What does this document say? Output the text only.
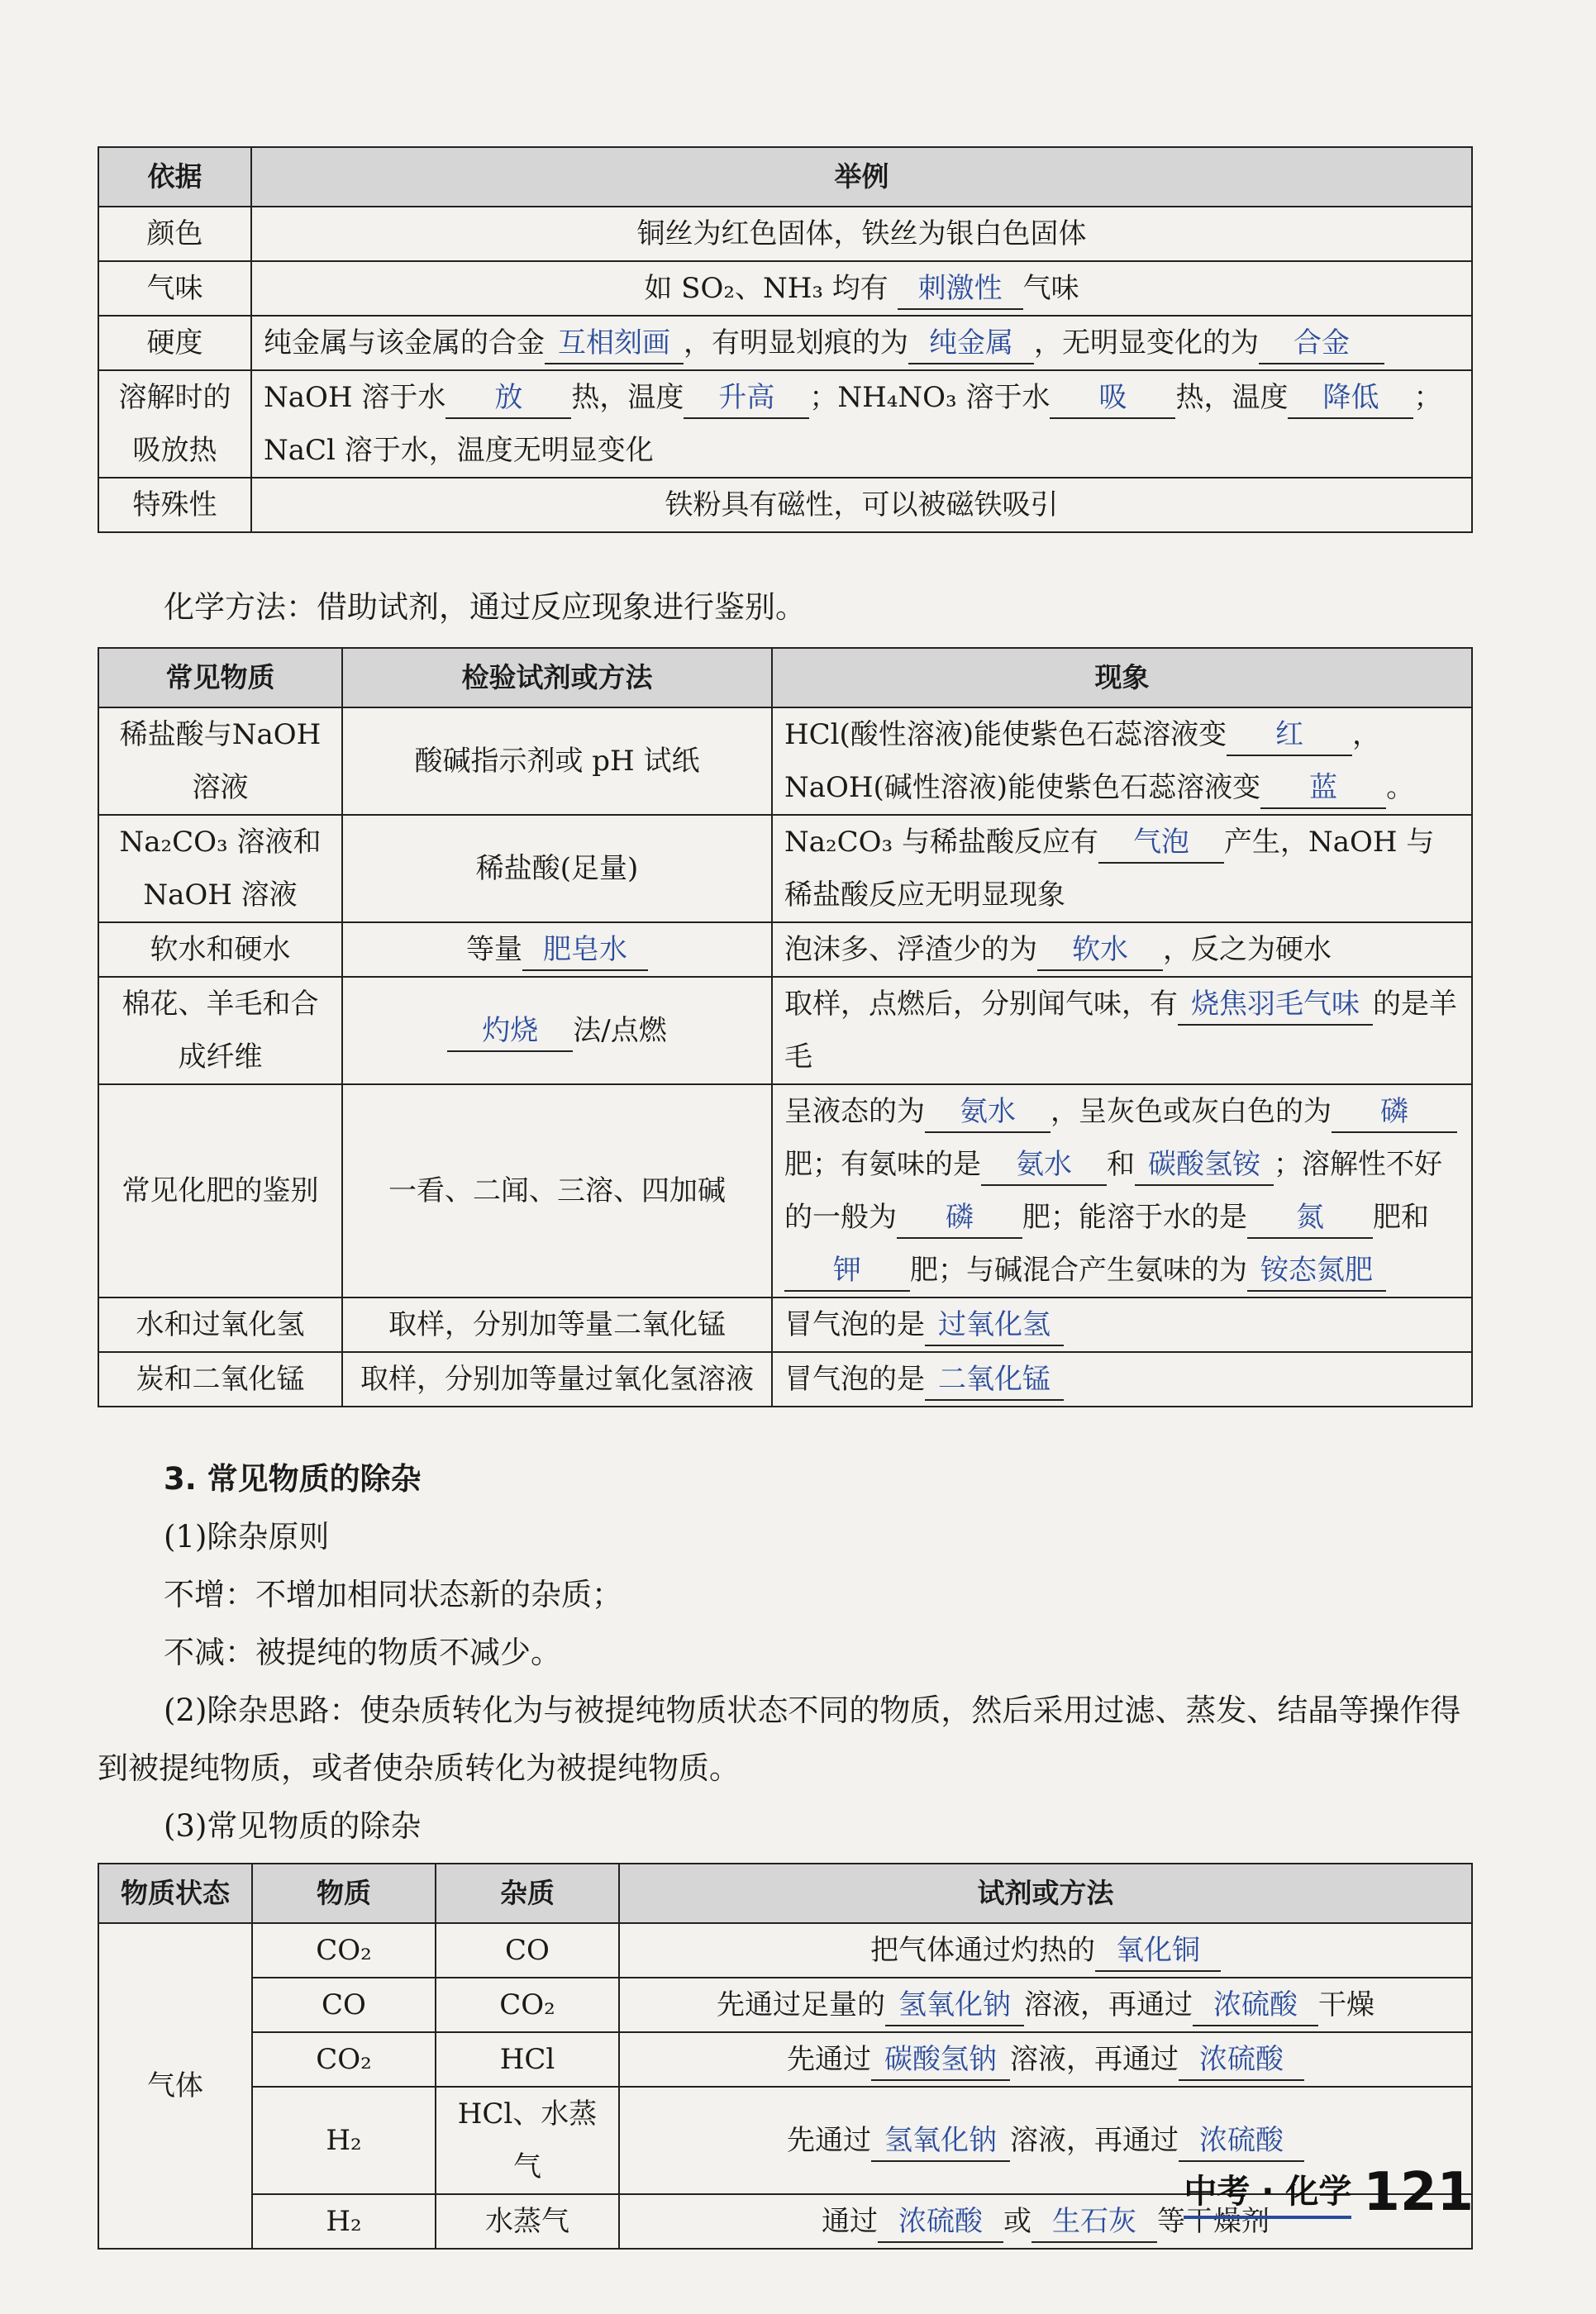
依据	举例
颜色	铜丝为红色固体，铁丝为银白色固体
气味	如 SO₂、NH₃ 均有 刺激性 气味
硬度	纯金属与该金属的合金 互相刻画 ，有明显划痕的为 纯金属 ，无明显变化的为 合金
溶解时的吸放热	NaOH 溶于水 放 热，温度 升高 ；NH₄NO₃ 溶于水 吸 热，温度 降低 ；NaCl 溶于水，温度无明显变化
特殊性	铁粉具有磁性，可以被磁铁吸引
化学方法：借助试剂，通过反应现象进行鉴别。
常见物质	检验试剂或方法	现象
稀盐酸与NaOH 溶液	酸碱指示剂或 pH 试纸	HCl(酸性溶液)能使紫色石蕊溶液变 红 ，NaOH(碱性溶液)能使紫色石蕊溶液变 蓝 。
Na₂CO₃ 溶液和NaOH 溶液	稀盐酸(足量)	Na₂CO₃ 与稀盐酸反应有 气泡 产生，NaOH 与稀盐酸反应无明显现象
软水和硬水	等量 肥皂水	泡沫多、浮渣少的为 软水 ，反之为硬水
棉花、羊毛和合成纤维	灼烧 法/点燃	取样，点燃后，分别闻气味，有 烧焦羽毛气味 的是羊毛
常见化肥的鉴别	一看、二闻、三溶、四加碱	呈液态的为 氨水 ，呈灰色或灰白色的为 磷肥；有氨味的是 氨水 和 碳酸氢铵 ；溶解性不好的一般为 磷 肥；能溶于水的是 氮 肥和钾 肥；与碱混合产生氨味的为 铵态氮肥
水和过氧化氢	取样，分别加等量二氧化锰	冒气泡的是 过氧化氢
炭和二氧化锰	取样，分别加等量过氧化氢溶液	冒气泡的是 二氧化锰
3. 常见物质的除杂
(1)除杂原则
不增：不增加相同状态新的杂质；
不减：被提纯的物质不减少。
(2)除杂思路：使杂质转化为与被提纯物质状态不同的物质，然后采用过滤、蒸发、结晶等操作得到被提纯物质，或者使杂质转化为被提纯物质。
(3)常见物质的除杂
物质状态	物质	杂质	试剂或方法
气体	CO₂	CO	把气体通过灼热的 氧化铜
	CO	CO₂	先通过足量的 氢氧化钠 溶液，再通过 浓硫酸 干燥
	CO₂	HCl	先通过 碳酸氢钠 溶液，再通过 浓硫酸
	H₂	HCl、水蒸气	先通过 氢氧化钠 溶液，再通过 浓硫酸
	H₂	水蒸气	通过 浓硫酸 或 生石灰 等干燥剂
中考 · 化学 121
